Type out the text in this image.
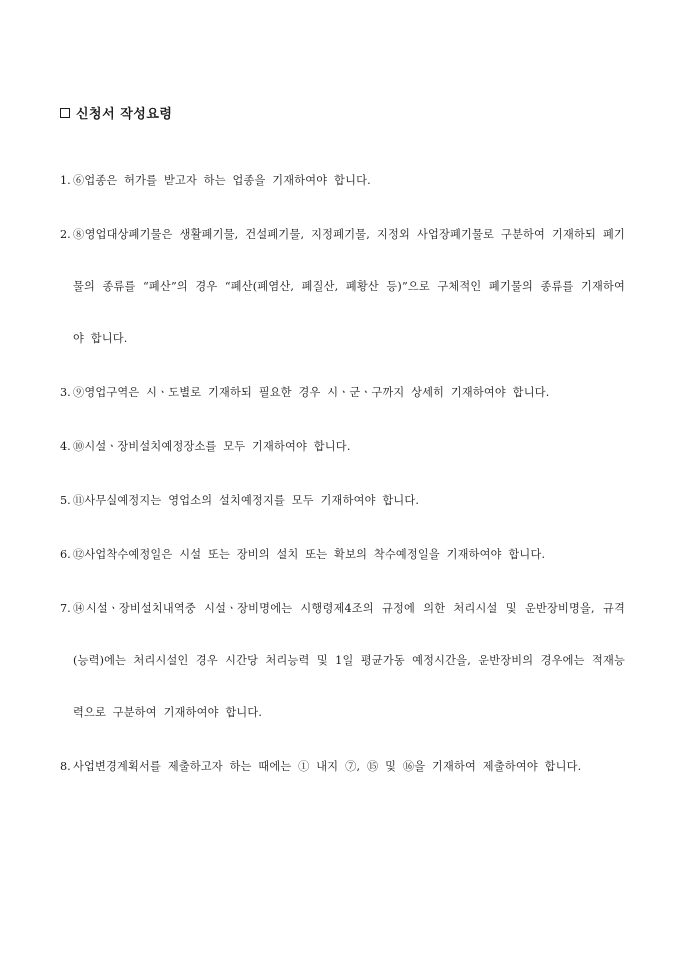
신청서 작성요령
1. ⑥업종은 허가를 받고자 하는 업종을 기재하여야 합니다.
2. ⑧영업대상폐기물은 생활폐기물, 건설폐기물, 지정폐기물, 지정외 사업장폐기물로 구분하여 기재하되 폐기물의 종류를 “폐산”의 경우 “폐산(폐염산, 폐질산, 폐황산 등)”으로 구체적인 폐기물의 종류를 기재하여야 합니다.
3. ⑨영업구역은 시ㆍ도별로 기재하되 필요한 경우 시ㆍ군ㆍ구까지 상세히 기재하여야 합니다.
4. ⑩시설ㆍ장비설치예정장소를 모두 기재하여야 합니다.
5. ⑪사무실예정지는 영업소의 설치예정지를 모두 기재하여야 합니다.
6. ⑫사업착수예정일은 시설 또는 장비의 설치 또는 확보의 착수예정일을 기재하여야 합니다.
7. ⑭시설ㆍ장비설치내역중 시설ㆍ장비명에는 시행령제4조의 규정에 의한 처리시설 및 운반장비명을, 규격(능력)에는 처리시설인 경우 시간당 처리능력 및 1일 평균가동 예정시간을, 운반장비의 경우에는 적재능력으로 구분하여 기재하여야 합니다.
8. 사업변경계획서를 제출하고자 하는 때에는 ① 내지 ⑦, ⑮ 및 ⑯을 기재하여 제출하여야 합니다.
